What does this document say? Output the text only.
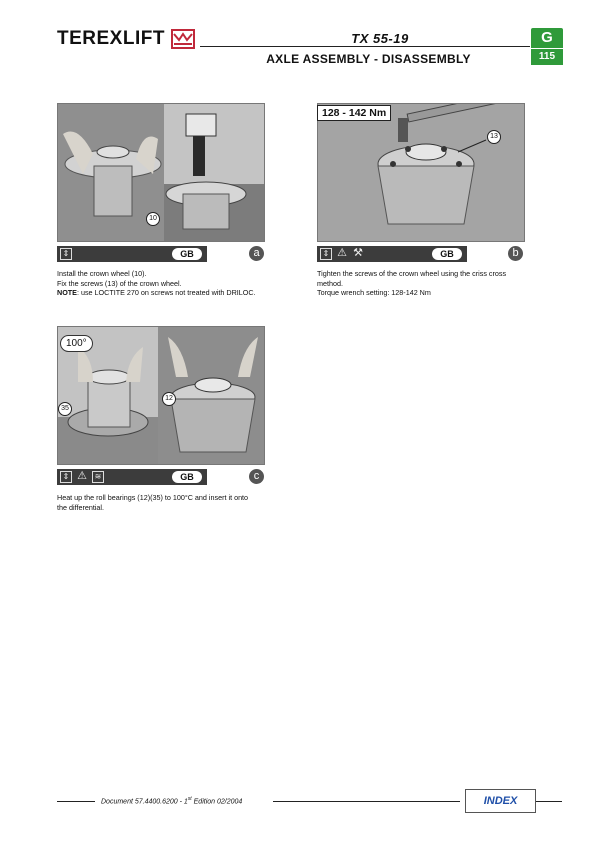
TEREXLIFT	TX 55-19
AXLE ASSEMBLY - DISASSEMBLY
G
115
10
⇕	GB	a
Install the crown wheel (10).
Fix the screws (13) of the crown wheel.
NOTE: use LOCTITE 270 on screws not treated with DRILOC.
128 - 142 Nm
13
⇕ ⚠ ⚒	GB	b
Tighten the screws of the crown wheel using the criss cross
method.
Torque wrench setting: 128-142 Nm
100°
35
12
⇕ ⚠ ≋	GB	c
Heat up the roll bearings (12)(35) to 100°C and insert it onto
the differential.
Document 57.4400.6200 - 1st Edition 02/2004	INDEX
